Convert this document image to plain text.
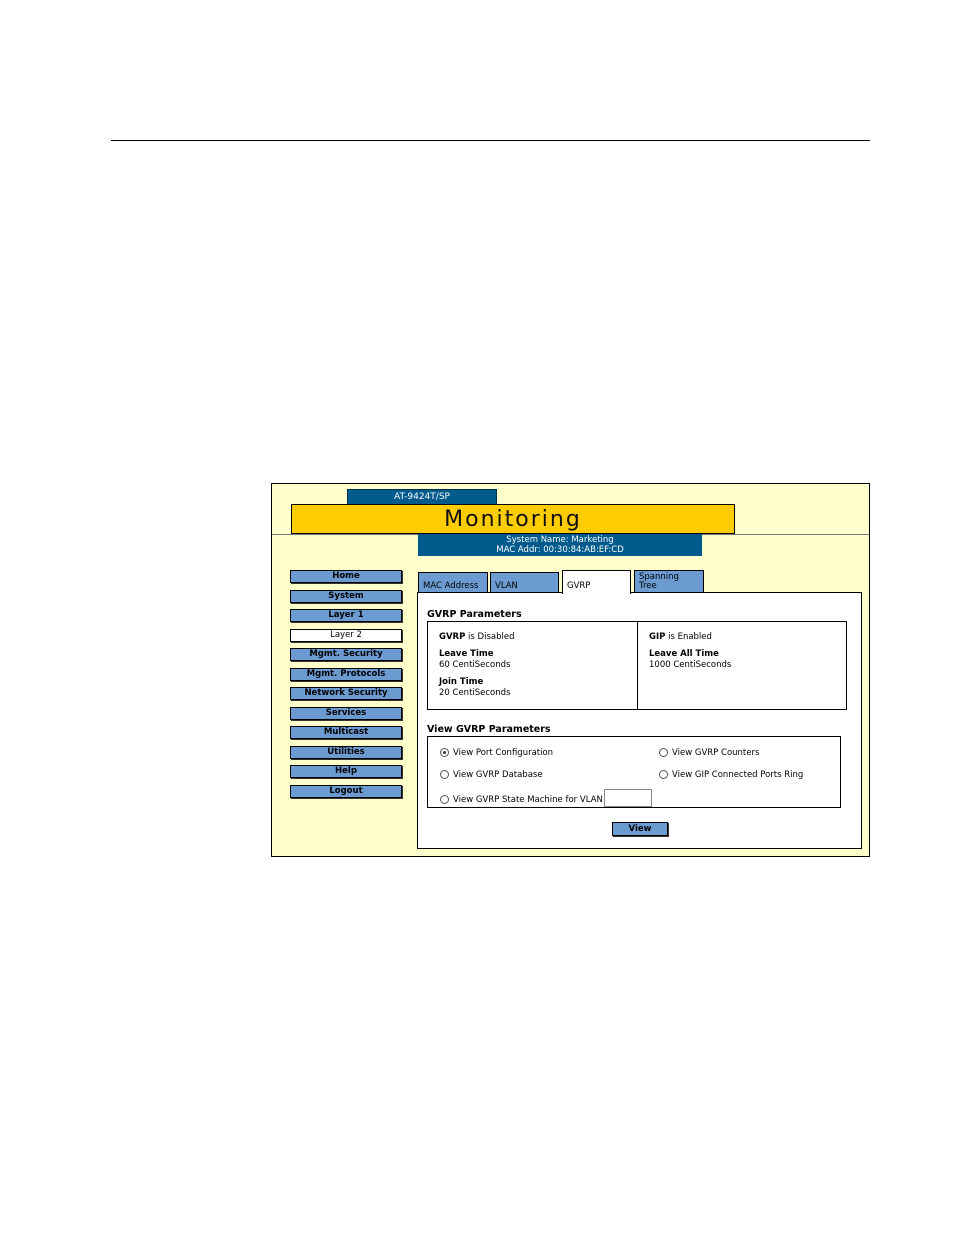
AT-9424T/SP
Monitoring
System Name: Marketing
MAC Addr: 00:30:84:AB:EF:CD
Home
System
Layer 1
Layer 2
Mgmt. Security
Mgmt. Protocols
Network Security
Services
Multicast
Utilities
Help
Logout
MAC Address	VLAN	GVRP
Spanning Tree
GVRP Parameters
GVRP is Disabled
Leave Time
60 CentiSeconds
Join Time
20 CentiSeconds
GIP is Enabled
Leave All Time
1000 CentiSeconds
View GVRP Parameters
View Port Configuration	View GVRP Counters
View GVRP Database	View GIP Connected Ports Ring
View GVRP State Machine for VLAN
View
